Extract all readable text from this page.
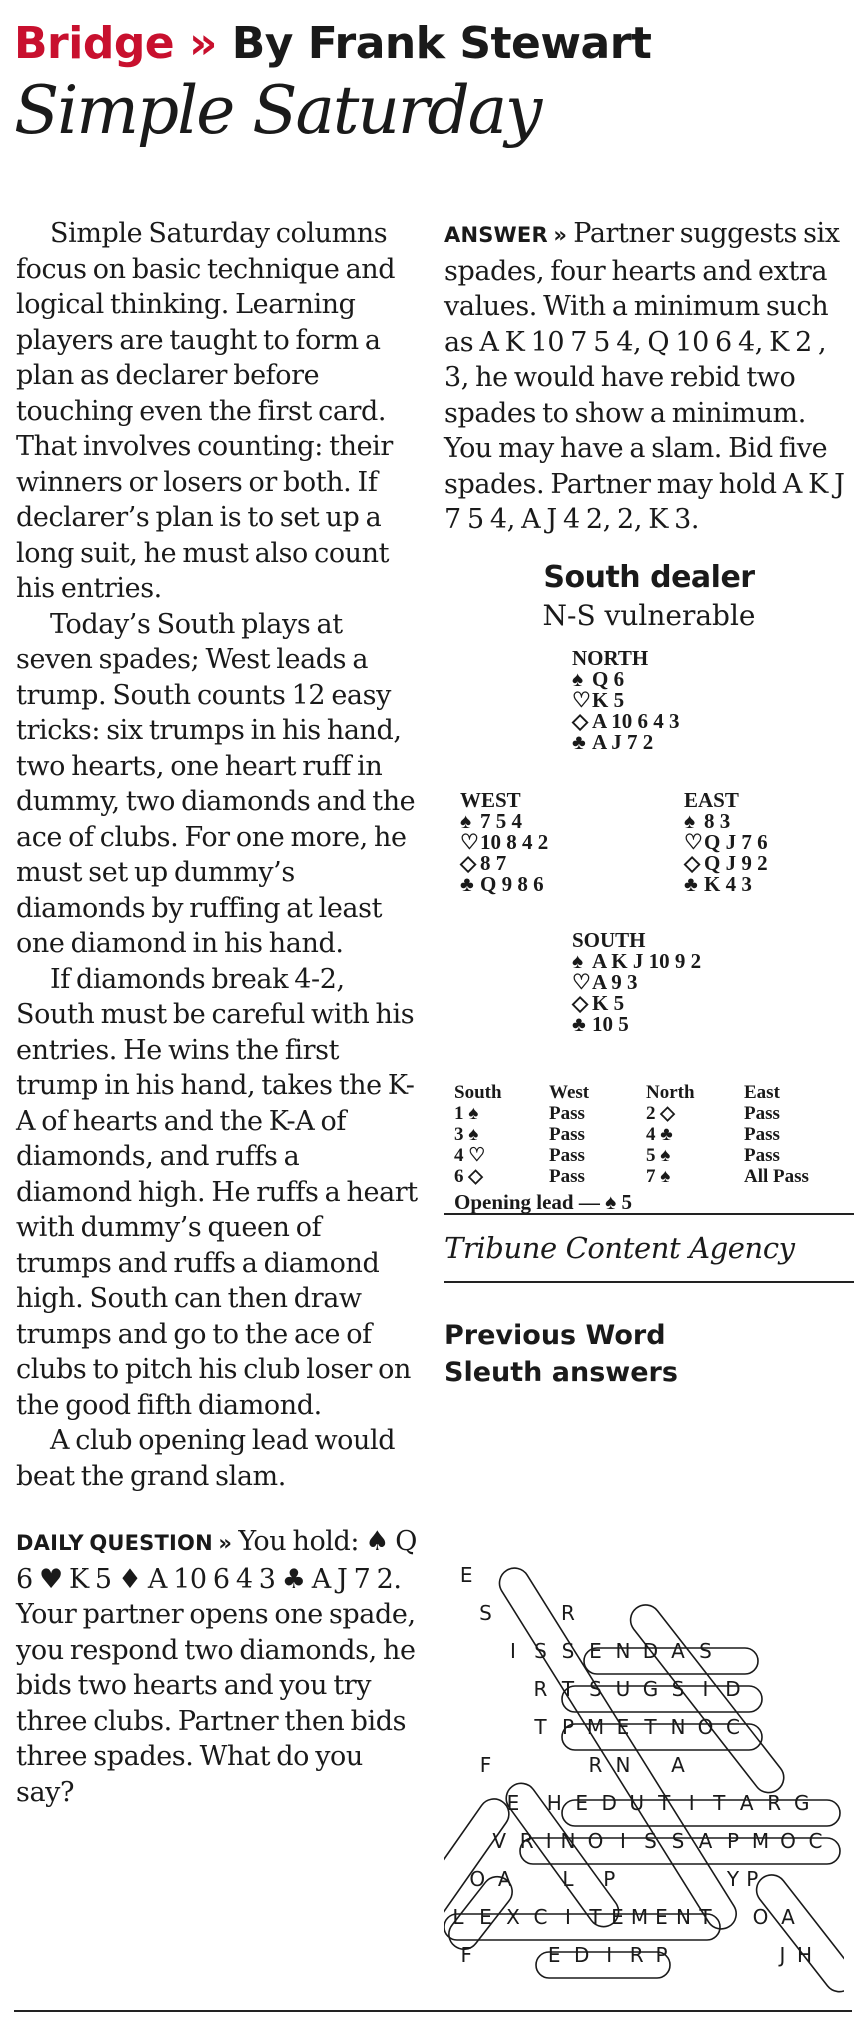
Bridge » By Frank Stewart
Simple Saturday

Simple Saturday columns focus on basic technique and logical thinking. Learning players are taught to form a plan as declarer before touching even the first card. That involves counting: their winners or losers or both. If declarer’s plan is to set up a long suit, he must also count his entries.

Today’s South plays at seven spades; West leads a trump. South counts 12 easy tricks: six trumps in his hand, two hearts, one heart ruff in dummy, two diamonds and the ace of clubs. For one more, he must set up dummy’s diamonds by ruffing at least one diamond in his hand.

If diamonds break 4-2, South must be careful with his entries. He wins the first trump in his hand, takes the K-A of hearts and the K-A of diamonds, and ruffs a diamond high. He ruffs a heart with dummy’s queen of trumps and ruffs a diamond high. South can then draw trumps and go to the ace of clubs to pitch his club loser on the good fifth diamond.

A club opening lead would beat the grand slam.

DAILY QUESTION » You hold: ♠ Q 6 ♥ K 5 ♦ A 10 6 4 3 ♣ A J 7 2. Your partner opens one spade, you respond two diamonds, he bids two hearts and you try three clubs. Partner then bids three spades. What do you say?

ANSWER » Partner suggests six spades, four hearts and extra values. With a minimum such as A K 10 7 5 4, Q 10 6 4, K 2 , 3, he would have rebid two spades to show a minimum. You may have a slam. Bid five spades. Partner may hold A K J 7 5 4, A J 4 2, 2, K 3.

South dealer
N-S vulnerable
NORTH
♠ Q 6
♡K 5
◇ A 10 6 4 3
♣ A J 7 2
WEST
♠ 7 5 4
♡10 8 4 2
◇ 8 7
♣ Q 9 8 6
EAST
♠ 8 3
♡Q J 7 6
◇ Q J 9 2
♣ K 4 3
SOUTH
♠ A K J 10 9 2
♡A 9 3
◇ K 5
♣ 10 5
South	West	North	East
1 ♠	Pass	2 ◇	Pass
3 ♠	Pass	4 ♣	Pass
4 ♡	Pass	5 ♠	Pass
6 ◇	Pass	7 ♠	All Pass
Opening lead — ♠ 5
Tribune Content Agency
Previous Word
Sleuth answers
E
S	R
I S S E N D A S
R T S U G S I D
T P M E T N O C
F	R N A
E H E D U T I T A R G
V R I N O I S S A P M O C
O A	L P	Y P
L E X C I T E M E N T O A
F	E D I R P	J H
